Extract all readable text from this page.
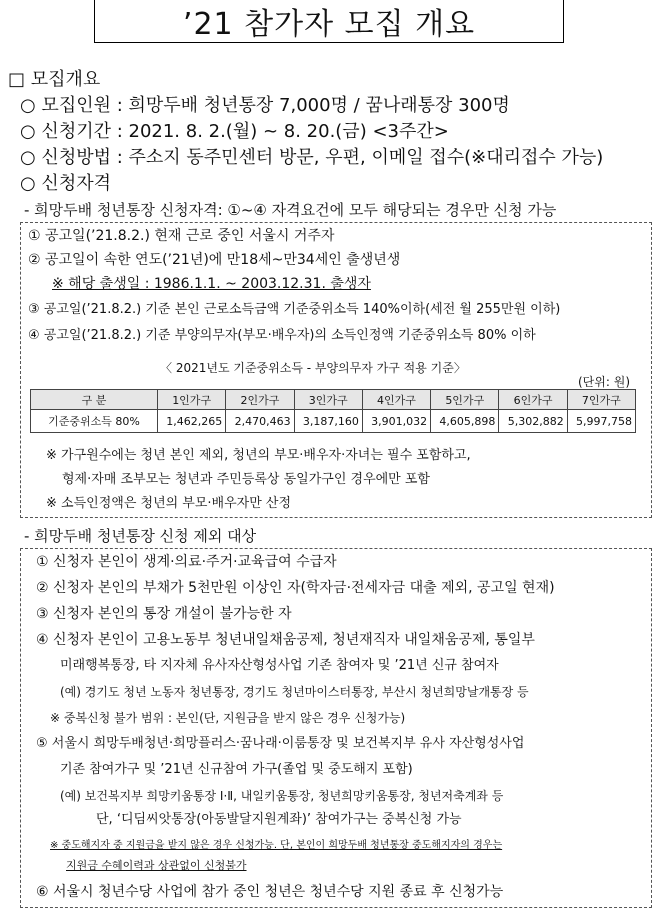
’21 참가자 모집 개요
□ 모집개요
○ 모집인원 : 희망두배 청년통장 7,000명 / 꿈나래통장 300명
○ 신청기간 : 2021. 8. 2.(월) ~ 8. 20.(금) <3주간>
○ 신청방법 : 주소지 동주민센터 방문, 우편, 이메일 접수(※대리접수 가능)
○ 신청자격
- 희망두배 청년통장 신청자격: ①~④ 자격요건에 모두 해당되는 경우만 신청 가능
① 공고일(’21.8.2.) 현재 근로 중인 서울시 거주자
② 공고일이 속한 연도(’21년)에 만18세~만34세인 출생년생
※ 해당 출생일 : 1986.1.1. ~ 2003.12.31. 출생자
③ 공고일(’21.8.2.) 기준 본인 근로소득금액 기준중위소득 140%이하(세전 월 255만원 이하)
④ 공고일(’21.8.2.) 기준 부양의무자(부모·배우자)의 소득인정액 기준중위소득 80% 이하
〈 2021년도 기준중위소득 - 부양의무자 가구 적용 기준〉
(단위: 원)
구 분	1인가구	2인가구	3인가구	4인가구	5인가구	6인가구	7인가구
기준중위소득 80%	1,462,265	2,470,463	3,187,160	3,901,032	4,605,898	5,302,882	5,997,758
※ 가구원수에는 청년 본인 제외, 청년의 부모·배우자·자녀는 필수 포함하고,
형제·자매 조부모는 청년과 주민등록상 동일가구인 경우에만 포함
※ 소득인정액은 청년의 부모·배우자만 산정
- 희망두배 청년통장 신청 제외 대상
① 신청자 본인이 생계·의료·주거·교육급여 수급자
② 신청자 본인의 부채가 5천만원 이상인 자(학자금·전세자금 대출 제외, 공고일 현재)
③ 신청자 본인의 통장 개설이 불가능한 자
④ 신청자 본인이 고용노동부 청년내일채움공제, 청년재직자 내일채움공제, 통일부
미래행복통장, 타 지자체 유사자산형성사업 기존 참여자 및 ’21년 신규 참여자
(예) 경기도 청년 노동자 청년통장, 경기도 청년마이스터통장, 부산시 청년희망날개통장 등
※ 중복신청 불가 범위 : 본인(단, 지원금을 받지 않은 경우 신청가능)
⑤ 서울시 희망두배청년·희망플러스·꿈나래·이룸통장 및 보건복지부 유사 자산형성사업
기존 참여가구 및 ’21년 신규참여 가구(졸업 및 중도해지 포함)
(예) 보건복지부 희망키움통장 Ⅰ·Ⅱ, 내일키움통장, 청년희망키움통장, 청년저축계좌 등
단, ‘디딤씨앗통장(아동발달지원계좌)’ 참여가구는 중복신청 가능
※ 중도해지자 중 지원금을 받지 않은 경우 신청가능. 단, 본인이 희망두배 청년통장 중도해지자의 경우는
지원금 수혜이력과 상관없이 신청불가
⑥ 서울시 청년수당 사업에 참가 중인 청년은 청년수당 지원 종료 후 신청가능
